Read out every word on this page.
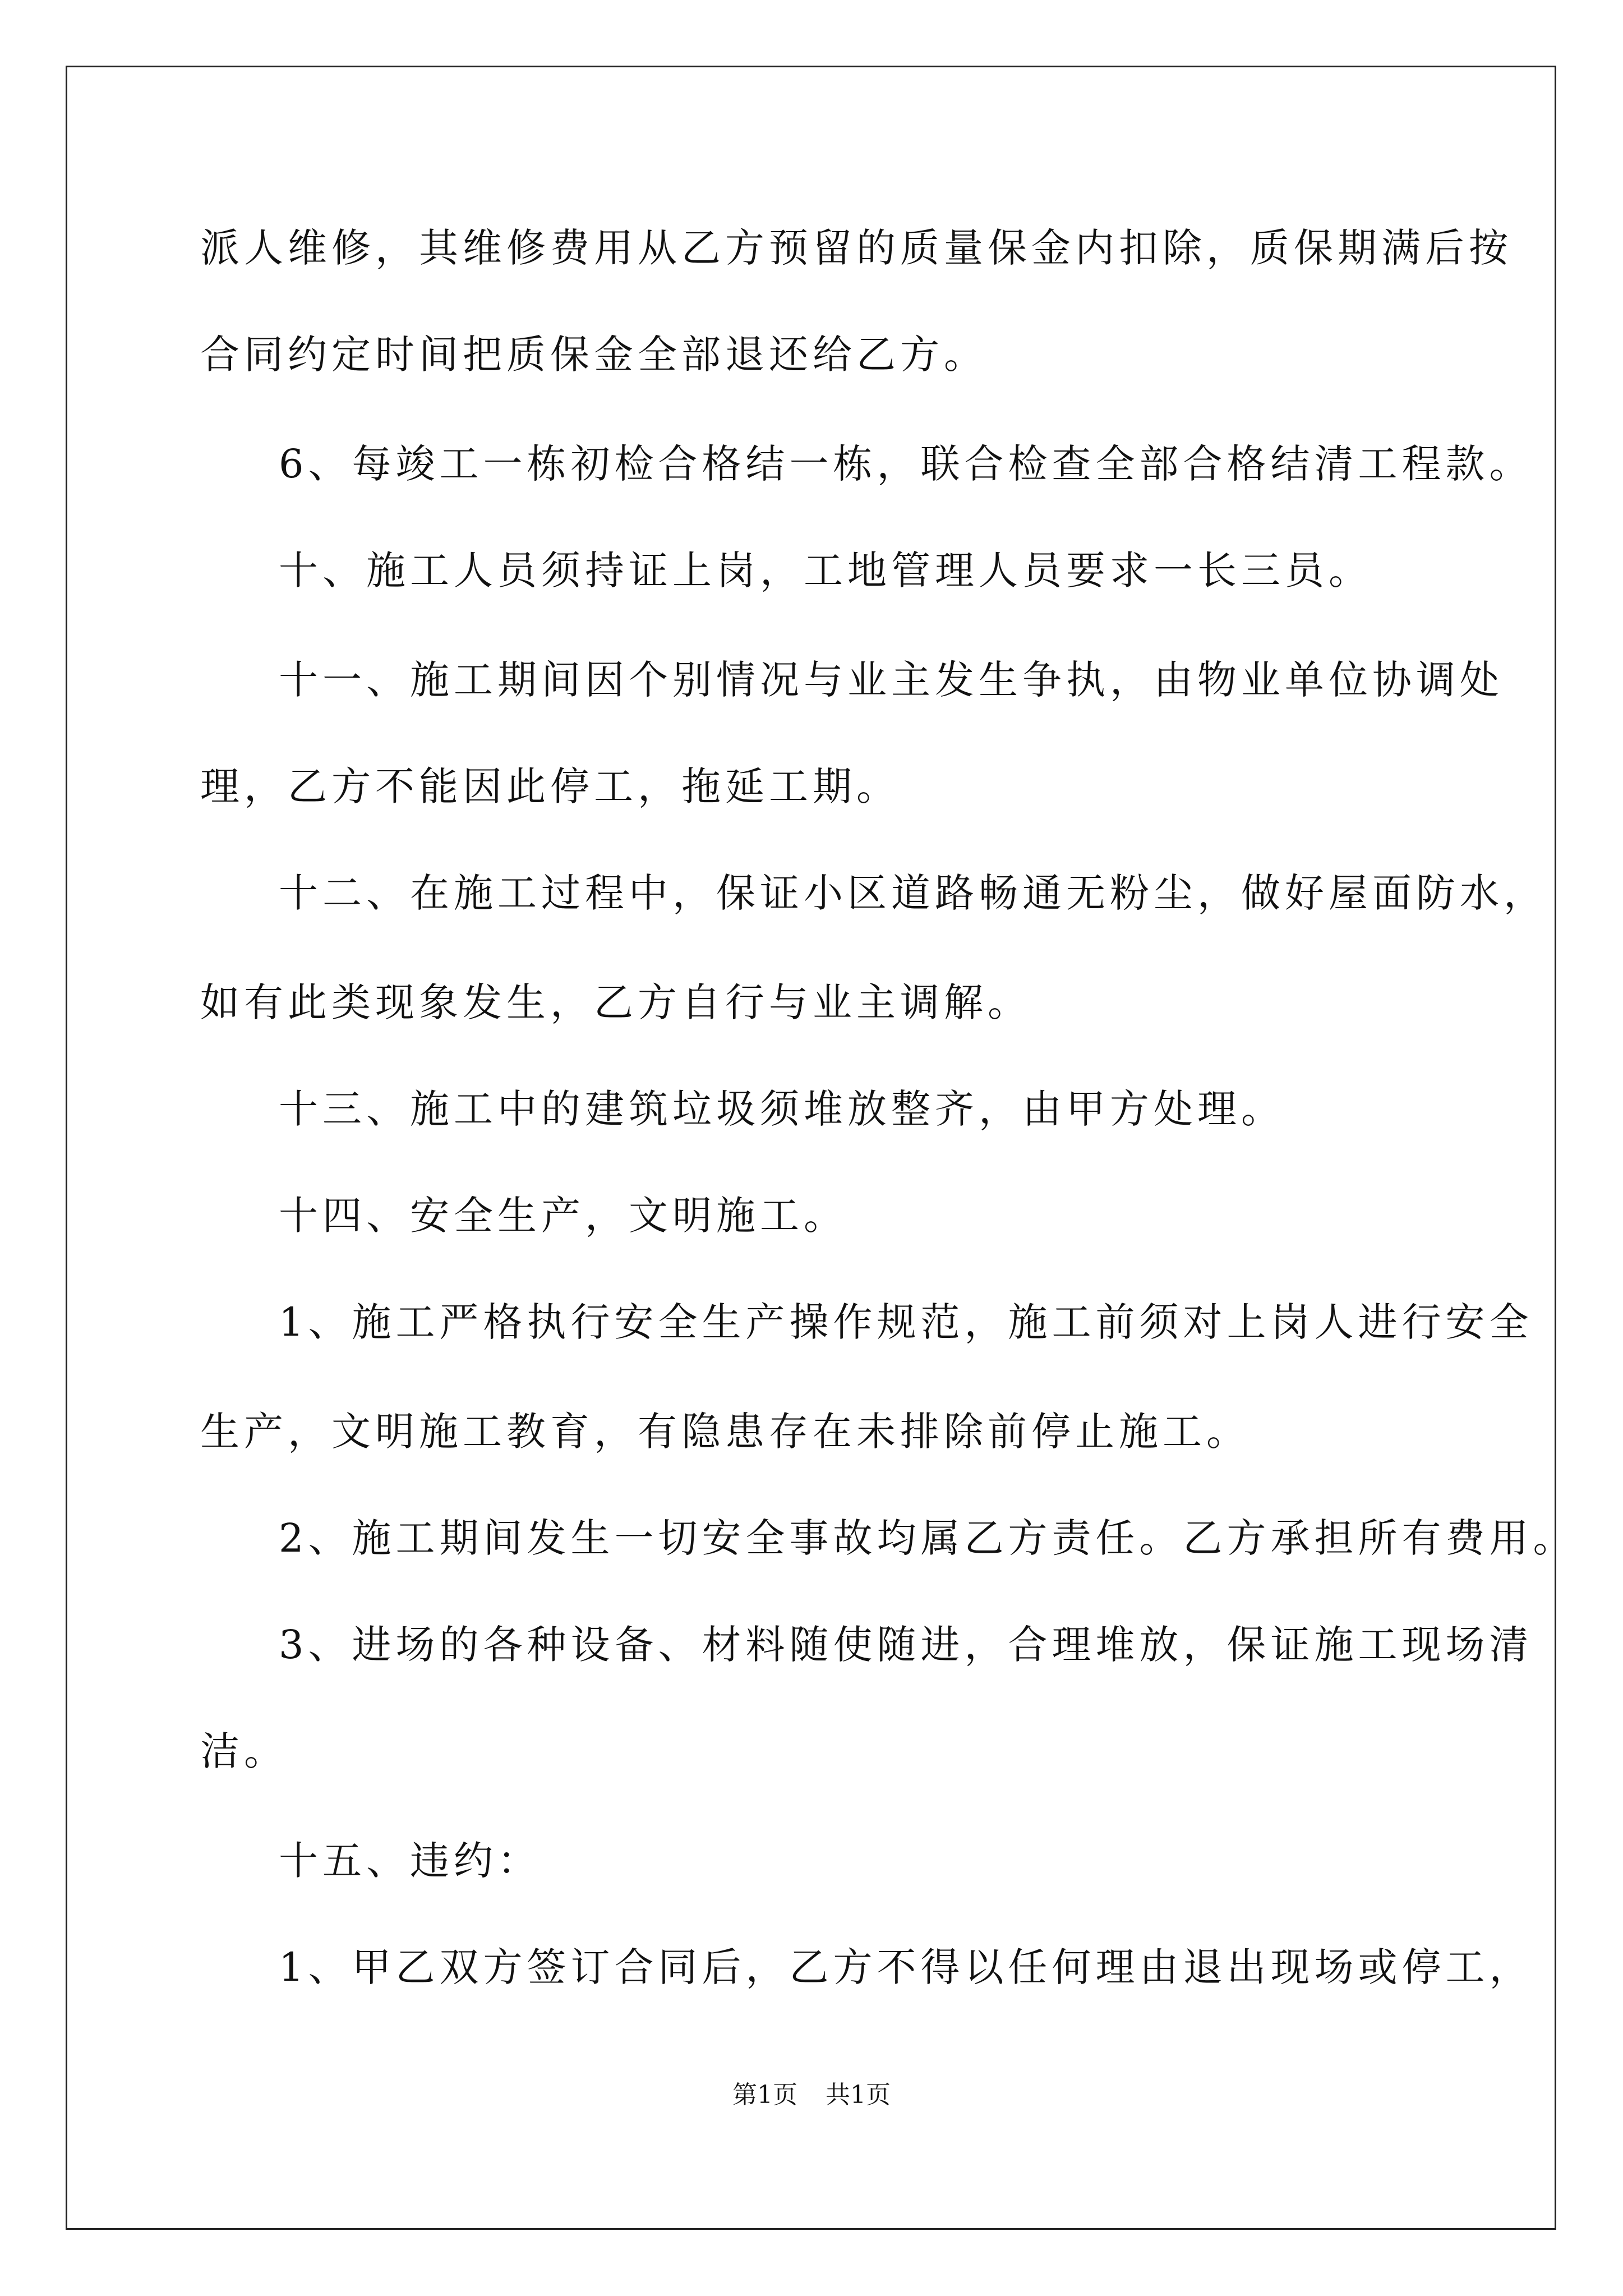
派人维修，其维修费用从乙方预留的质量保金内扣除，质保期满后按
合同约定时间把质保金全部退还给乙方。
6、每竣工一栋初检合格结一栋，联合检查全部合格结清工程款。
十、施工人员须持证上岗，工地管理人员要求一长三员。
十一、施工期间因个别情况与业主发生争执，由物业单位协调处
理，乙方不能因此停工，拖延工期。
十二、在施工过程中，保证小区道路畅通无粉尘，做好屋面防水，
如有此类现象发生，乙方自行与业主调解。
十三、施工中的建筑垃圾须堆放整齐，由甲方处理。
十四、安全生产，文明施工。
1、施工严格执行安全生产操作规范，施工前须对上岗人进行安全
生产，文明施工教育，有隐患存在未排除前停止施工。
2、施工期间发生一切安全事故均属乙方责任。乙方承担所有费用。
3、进场的各种设备、材料随使随进，合理堆放，保证施工现场清
洁。
十五、违约：
1、甲乙双方签订合同后，乙方不得以任何理由退出现场或停工，
第1页 共1页
